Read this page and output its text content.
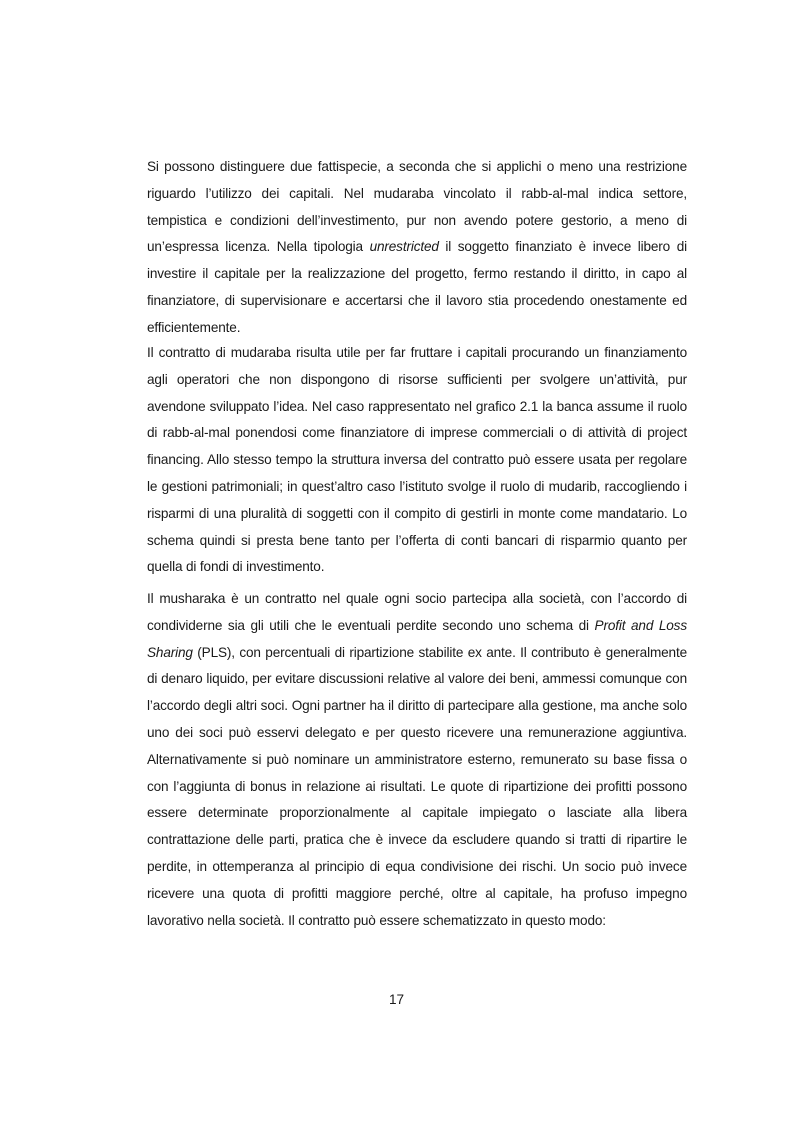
Si possono distinguere due fattispecie, a seconda che si applichi o meno una restrizione
riguardo l’utilizzo dei capitali. Nel mudaraba vincolato il rabb-al-mal indica settore,
tempistica e condizioni dell’investimento, pur non avendo potere gestorio, a meno di
un’espressa licenza. Nella tipologia unrestricted il soggetto finanziato è invece libero di
investire il capitale per la realizzazione del progetto, fermo restando il diritto, in capo al
finanziatore, di supervisionare e accertarsi che il lavoro stia procedendo onestamente ed
efficientemente.
Il contratto di mudaraba risulta utile per far fruttare i capitali procurando un finanziamento
agli operatori che non dispongono di risorse sufficienti per svolgere un’attività, pur
avendone sviluppato l’idea. Nel caso rappresentato nel grafico 2.1 la banca assume il ruolo
di rabb-al-mal ponendosi come finanziatore di imprese commerciali o di attività di project
financing. Allo stesso tempo la struttura inversa del contratto può essere usata per regolare
le gestioni patrimoniali; in quest’altro caso l’istituto svolge il ruolo di mudarib, raccogliendo i
risparmi di una pluralità di soggetti con il compito di gestirli in monte come mandatario. Lo
schema quindi si presta bene tanto per l’offerta di conti bancari di risparmio quanto per
quella di fondi di investimento.
Il musharaka è un contratto nel quale ogni socio partecipa alla società, con l’accordo di
condividerne sia gli utili che le eventuali perdite secondo uno schema di Profit and Loss
Sharing (PLS), con percentuali di ripartizione stabilite ex ante. Il contributo è generalmente
di denaro liquido, per evitare discussioni relative al valore dei beni, ammessi comunque con
l’accordo degli altri soci. Ogni partner ha il diritto di partecipare alla gestione, ma anche solo
uno dei soci può esservi delegato e per questo ricevere una remunerazione aggiuntiva.
Alternativamente si può nominare un amministratore esterno, remunerato su base fissa o
con l’aggiunta di bonus in relazione ai risultati. Le quote di ripartizione dei profitti possono
essere determinate proporzionalmente al capitale impiegato o lasciate alla libera
contrattazione delle parti, pratica che è invece da escludere quando si tratti di ripartire le
perdite, in ottemperanza al principio di equa condivisione dei rischi. Un socio può invece
ricevere una quota di profitti maggiore perché, oltre al capitale, ha profuso impegno
lavorativo nella società. Il contratto può essere schematizzato in questo modo:
17
